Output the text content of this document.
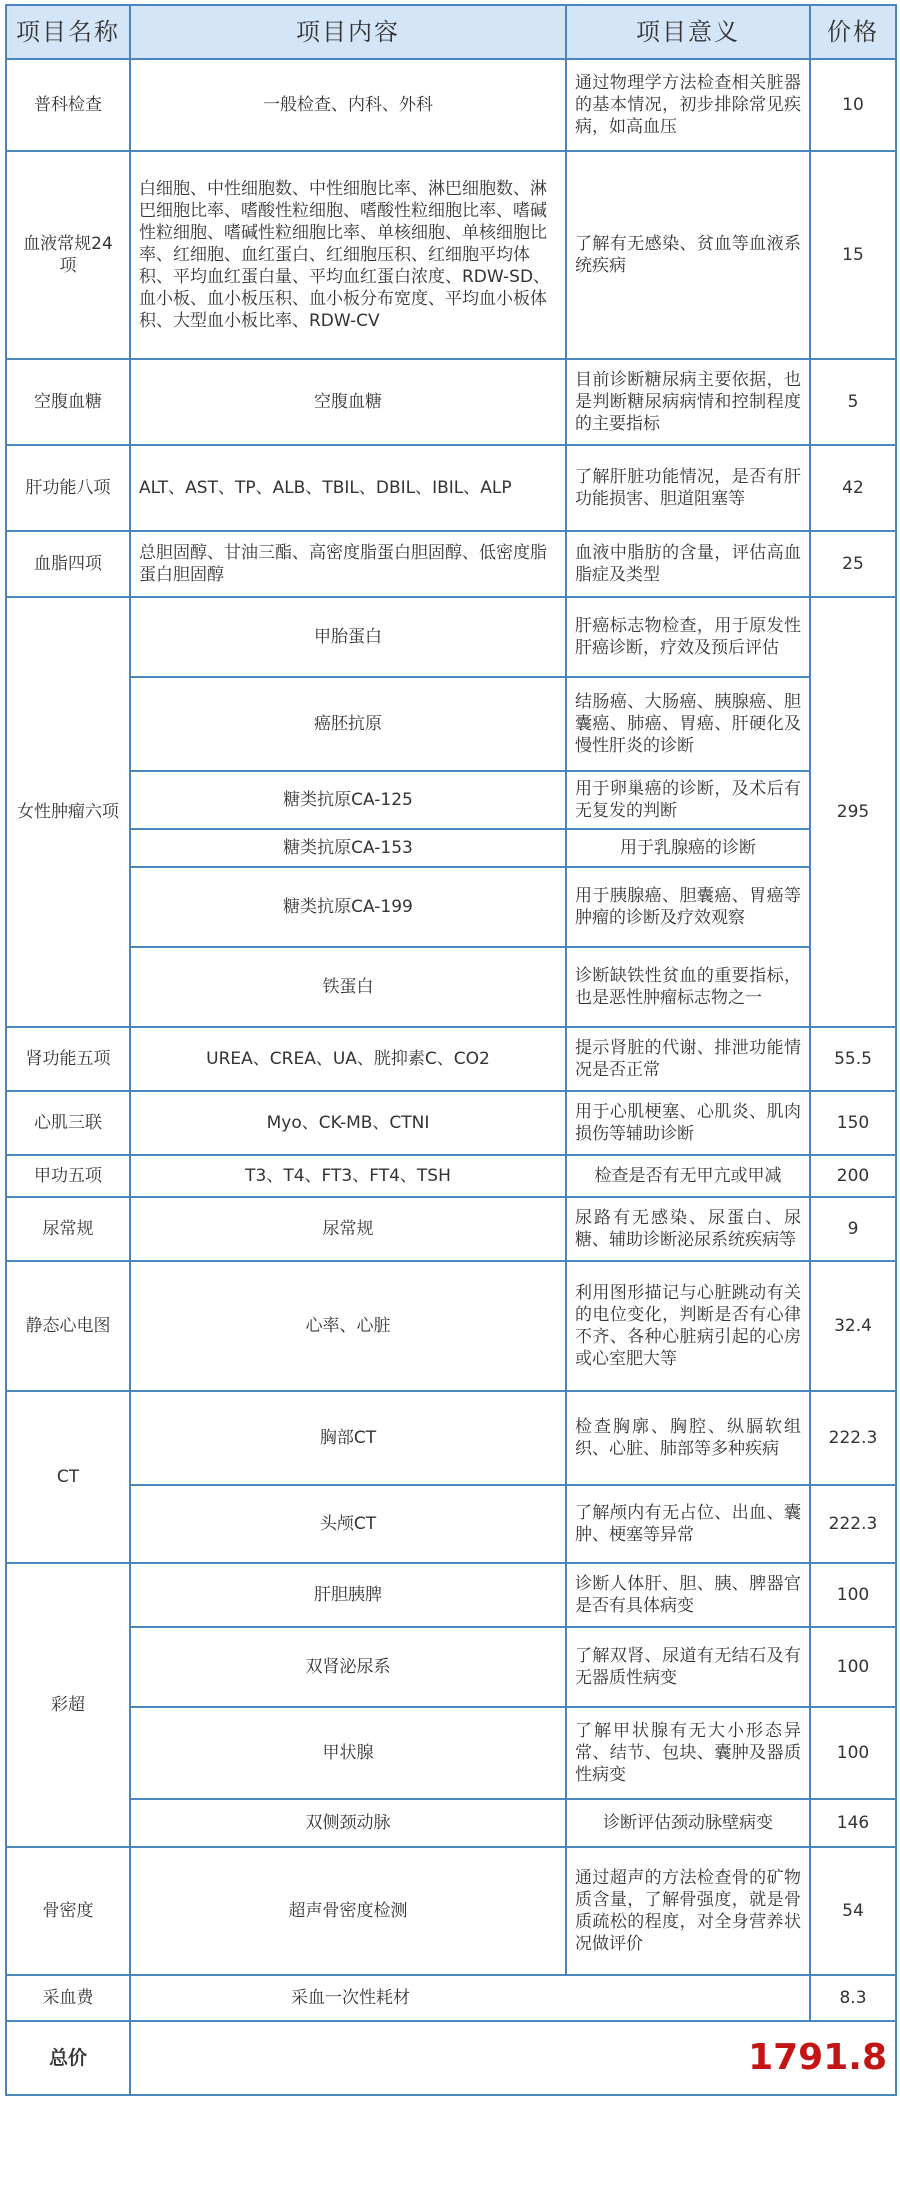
项目名称	项目内容	项目意义	价格
普科检查	一般检查、内科、外科	通过物理学方法检查相关脏器的基本情况，初步排除常见疾病，如高血压	10
血液常规24项	白细胞、中性细胞数、中性细胞比率、淋巴细胞数、淋巴细胞比率、嗜酸性粒细胞、嗜酸性粒细胞比率、嗜碱性粒细胞、嗜碱性粒细胞比率、单核细胞、单核细胞比率、红细胞、血红蛋白、红细胞压积、红细胞平均体积、平均血红蛋白量、平均血红蛋白浓度、RDW-SD、血小板、血小板压积、血小板分布宽度、平均血小板体积、大型血小板比率、RDW-CV	了解有无感染、贫血等血液系统疾病	15
空腹血糖	空腹血糖	目前诊断糖尿病主要依据，也是判断糖尿病病情和控制程度的主要指标	5
肝功能八项	ALT、AST、TP、ALB、TBIL、DBIL、IBIL、ALP	了解肝脏功能情况，是否有肝功能损害、胆道阻塞等	42
血脂四项	总胆固醇、甘油三酯、高密度脂蛋白胆固醇、低密度脂蛋白胆固醇	血液中脂肪的含量，评估高血脂症及类型	25
女性肿瘤六项	甲胎蛋白	肝癌标志物检查，用于原发性肝癌诊断，疗效及预后评估	295
	癌胚抗原	结肠癌、大肠癌、胰腺癌、胆囊癌、肺癌、胃癌、肝硬化及慢性肝炎的诊断	
	糖类抗原CA-125	用于卵巢癌的诊断，及术后有无复发的判断	
	糖类抗原CA-153	用于乳腺癌的诊断	
	糖类抗原CA-199	用于胰腺癌、胆囊癌、胃癌等肿瘤的诊断及疗效观察	
	铁蛋白	诊断缺铁性贫血的重要指标，也是恶性肿瘤标志物之一	
肾功能五项	UREA、CREA、UA、胱抑素C、CO2	提示肾脏的代谢、排泄功能情况是否正常	55.5
心肌三联	Myo、CK-MB、CTNI	用于心肌梗塞、心肌炎、肌肉损伤等辅助诊断	150
甲功五项	T3、T4、FT3、FT4、TSH	检查是否有无甲亢或甲减	200
尿常规	尿常规	尿路有无感染、尿蛋白、尿糖、辅助诊断泌尿系统疾病等	9
静态心电图	心率、心脏	利用图形描记与心脏跳动有关的电位变化，判断是否有心律不齐、各种心脏病引起的心房或心室肥大等	32.4
CT	胸部CT	检查胸廓、胸腔、纵膈软组织、心脏、肺部等多种疾病	222.3
	头颅CT	了解颅内有无占位、出血、囊肿、梗塞等异常	222.3
彩超	肝胆胰脾	诊断人体肝、胆、胰、脾器官是否有具体病变	100
	双肾泌尿系	了解双肾、尿道有无结石及有无器质性病变	100
	甲状腺	了解甲状腺有无大小形态异常、结节、包块、囊肿及器质性病变	100
	双侧颈动脉	诊断评估颈动脉壁病变	146
骨密度	超声骨密度检测	通过超声的方法检查骨的矿物质含量，了解骨强度，就是骨质疏松的程度，对全身营养状况做评价	54
采血费	采血一次性耗材		8.3
总价	1791.8		
